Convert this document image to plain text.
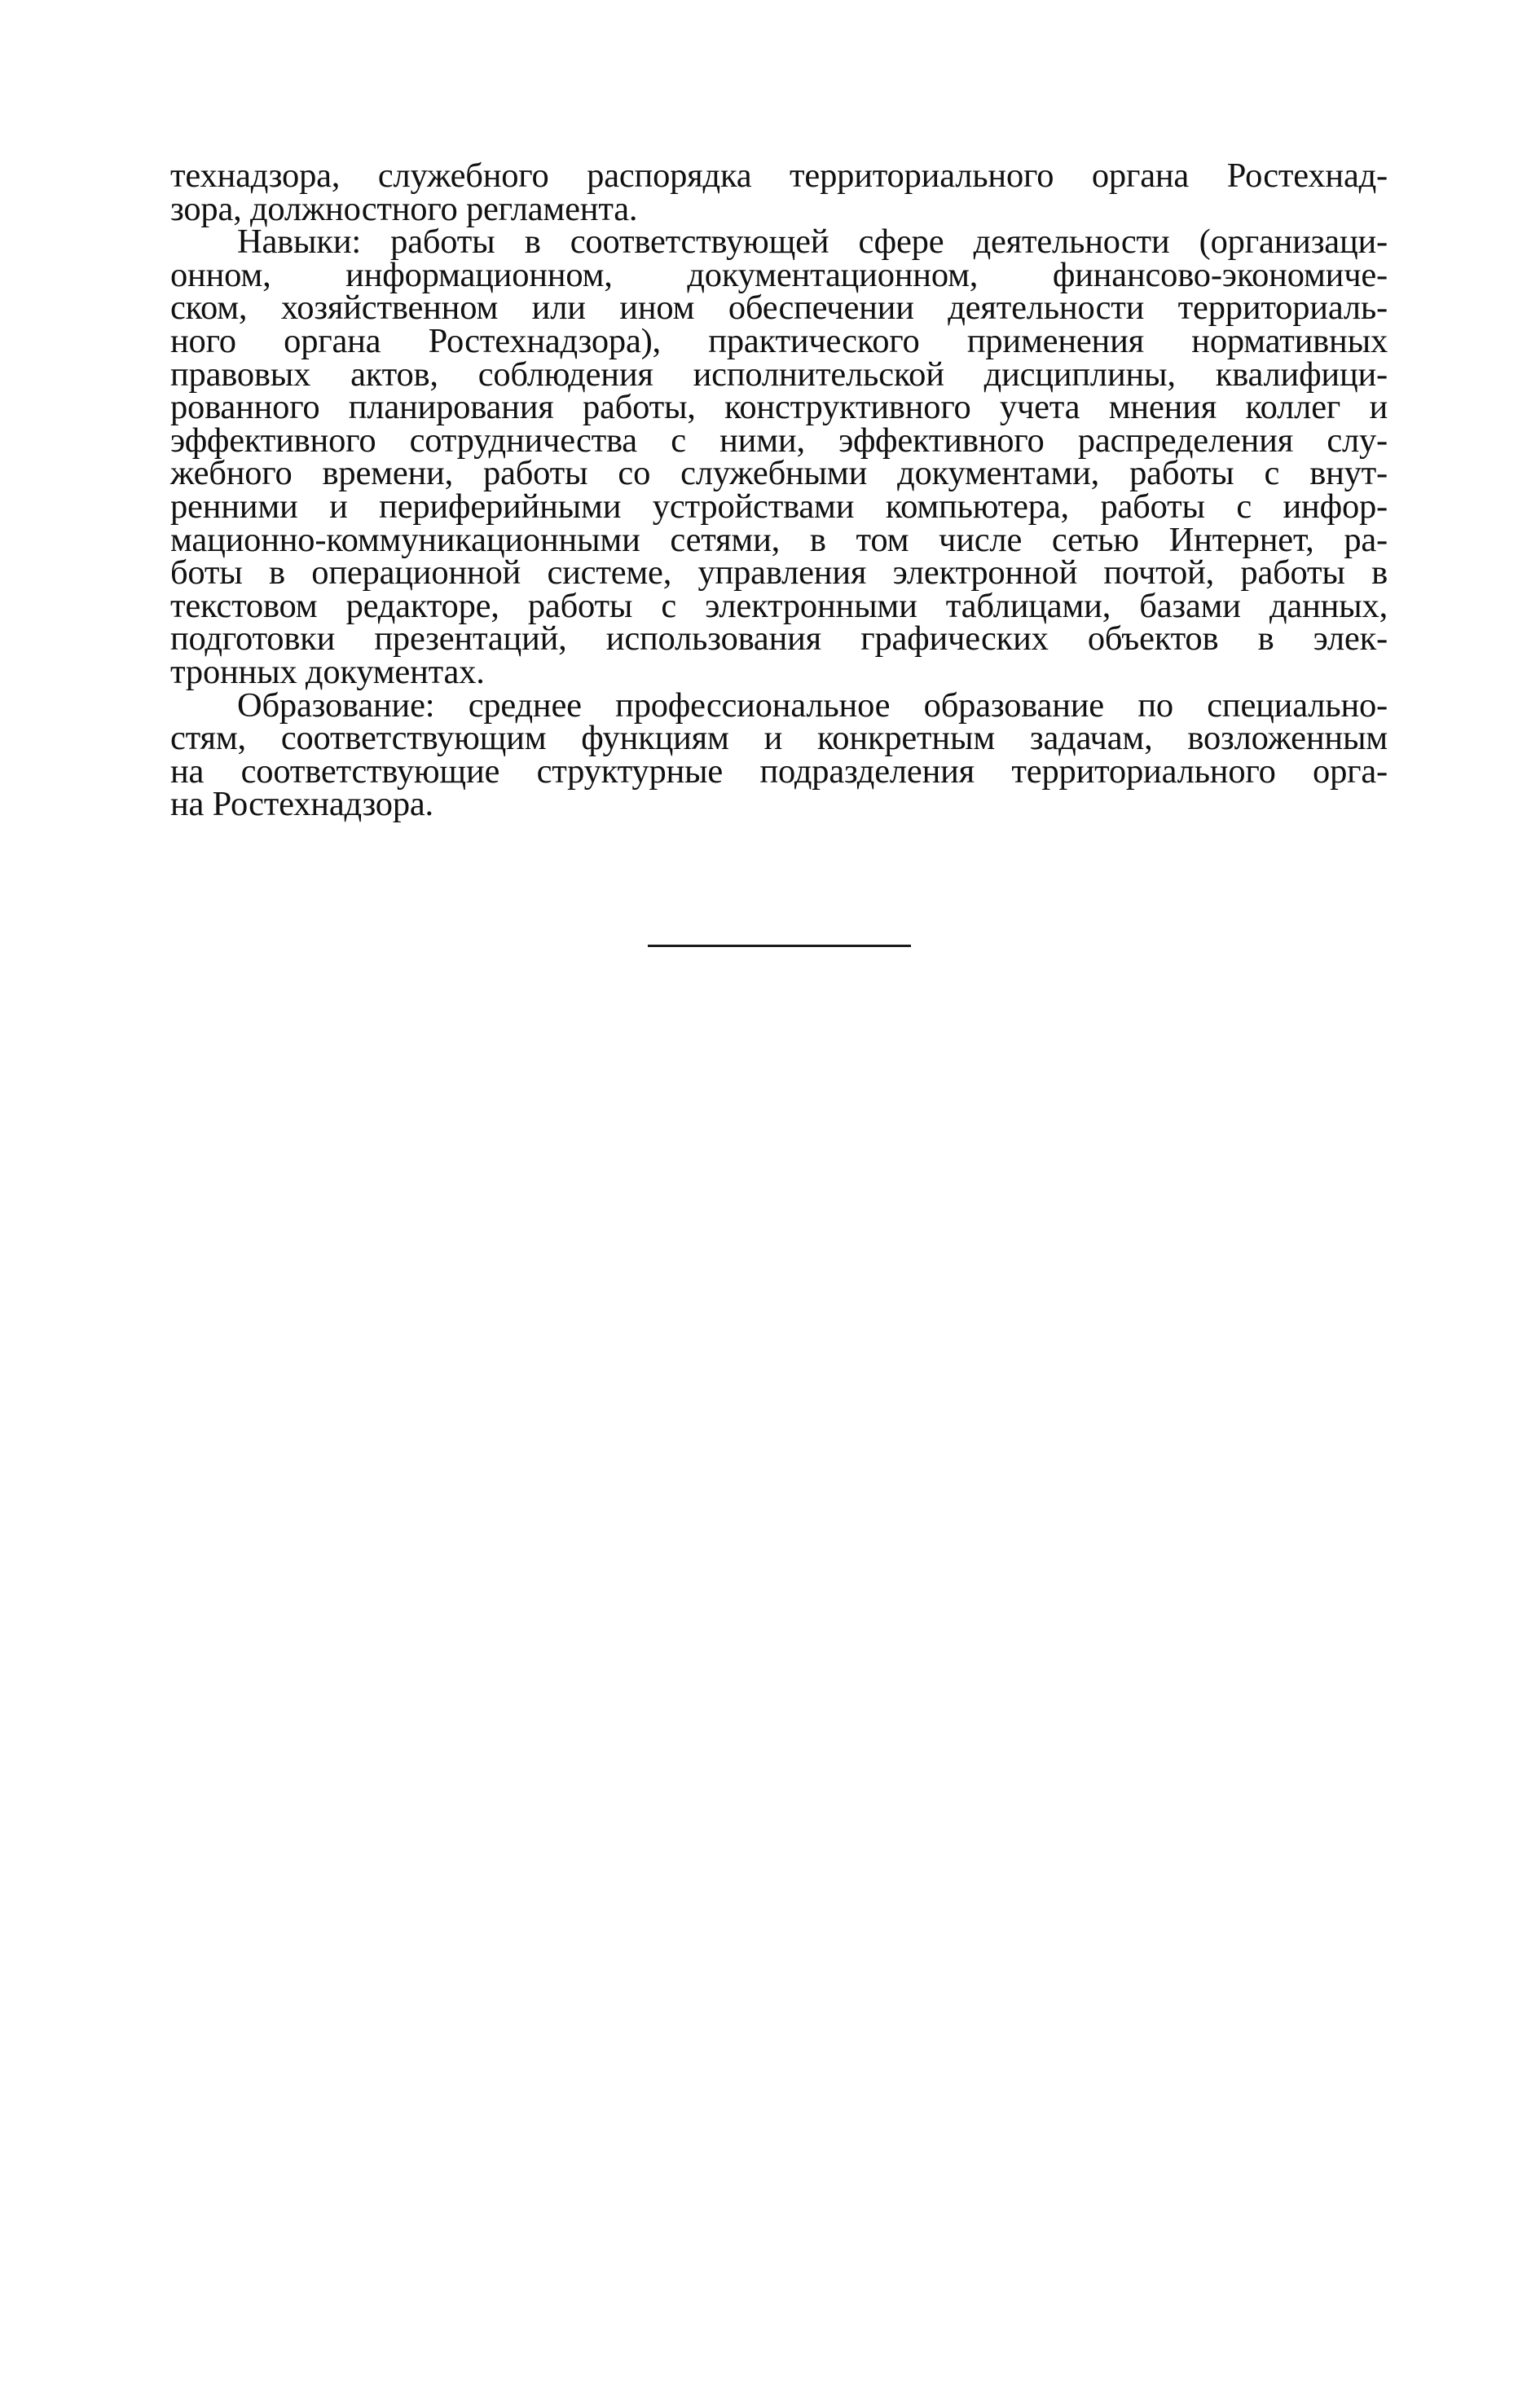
технадзора, служебного распорядка территориального органа Ростехнад-
зора, должностного регламента.
Навыки: работы в соответствующей сфере деятельности (организаци-
онном, информационном, документационном, финансово-экономиче-
ском, хозяйственном или ином обеспечении деятельности территориаль-
ного органа Ростехнадзора), практического применения нормативных
правовых актов, соблюдения исполнительской дисциплины, квалифици-
рованного планирования работы, конструктивного учета мнения коллег и
эффективного сотрудничества с ними, эффективного распределения слу-
жебного времени, работы со служебными документами, работы с внут-
ренними и периферийными устройствами компьютера, работы с инфор-
мационно-коммуникационными сетями, в том числе сетью Интернет, ра-
боты в операционной системе, управления электронной почтой, работы в
текстовом редакторе, работы с электронными таблицами, базами данных,
подготовки презентаций, использования графических объектов в элек-
тронных документах.
Образование: среднее профессиональное образование по специально-
стям, соответствующим функциям и конкретным задачам, возложенным
на соответствующие структурные подразделения территориального орга-
на Ростехнадзора.
